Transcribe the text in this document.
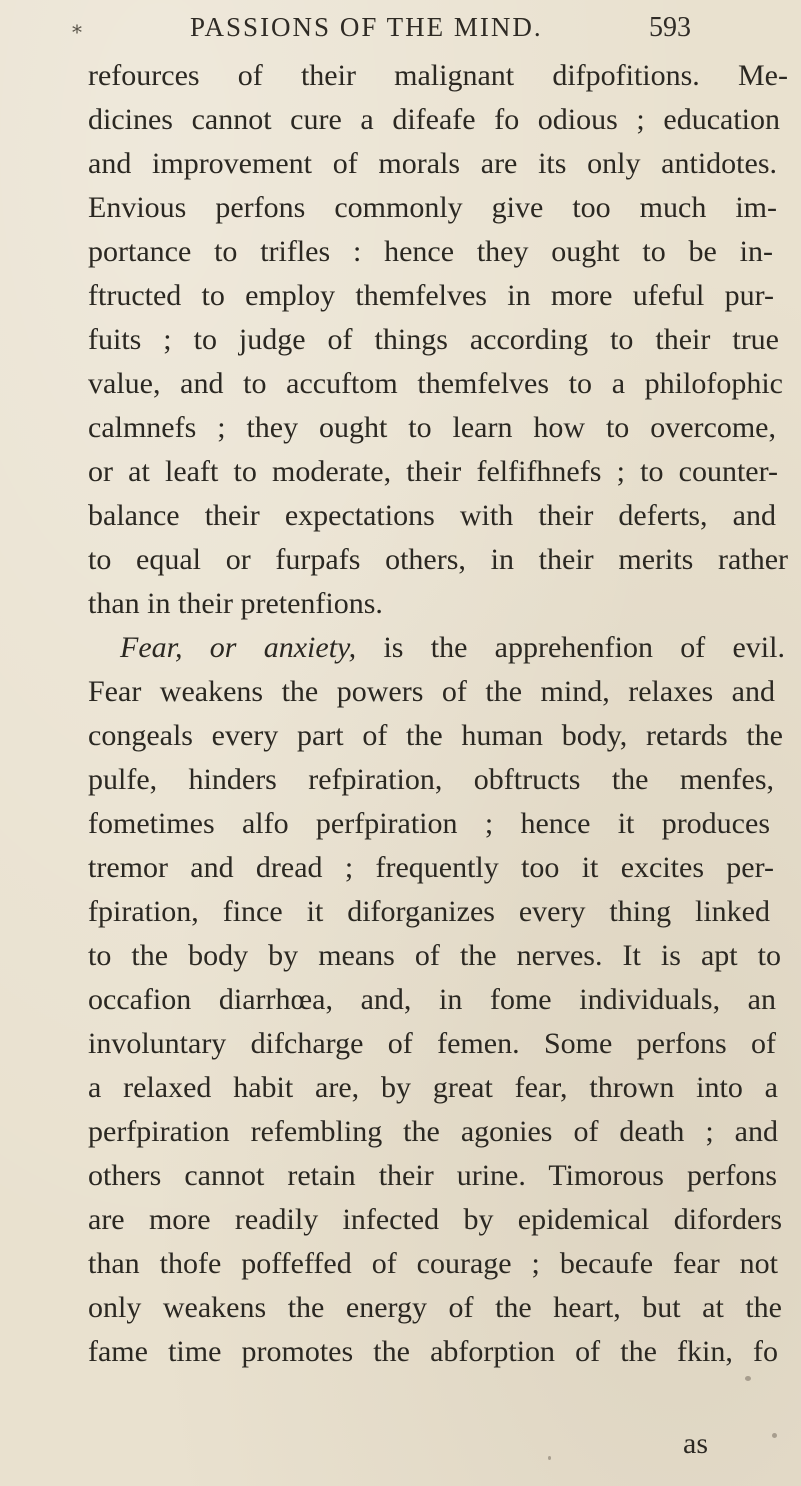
*	PASSIONS OF THE MIND.	593
refources of their malignant difpofitions. Me-
dicines cannot cure a difeafe fo odious ; education
and improvement of morals are its only antidotes.
Envious perfons commonly give too much im-
portance to trifles : hence they ought to be in-
ftructed to employ themfelves in more ufeful pur-
fuits ; to judge of things according to their true
value, and to accuftom themfelves to a philofophic
calmnefs ; they ought to learn how to overcome,
or at leaft to moderate, their felfifhnefs ; to counter-
balance their expectations with their deferts, and
to equal or furpafs others, in their merits rather
than in their pretenfions.
Fear, or anxiety, is the apprehenfion of evil.
Fear weakens the powers of the mind, relaxes and
congeals every part of the human body, retards the
pulfe, hinders refpiration, obftructs the menfes,
fometimes alfo perfpiration ; hence it produces
tremor and dread ; frequently too it excites per-
fpiration, fince it diforganizes every thing linked
to the body by means of the nerves. It is apt to
occafion diarrhœa, and, in fome individuals, an
involuntary difcharge of femen. Some perfons of
a relaxed habit are, by great fear, thrown into a
perfpiration refembling the agonies of death ; and
others cannot retain their urine. Timorous perfons
are more readily infected by epidemical diforders
than thofe poffeffed of courage ; becaufe fear not
only weakens the energy of the heart, but at the
fame time promotes the abforption of the fkin, fo
as
